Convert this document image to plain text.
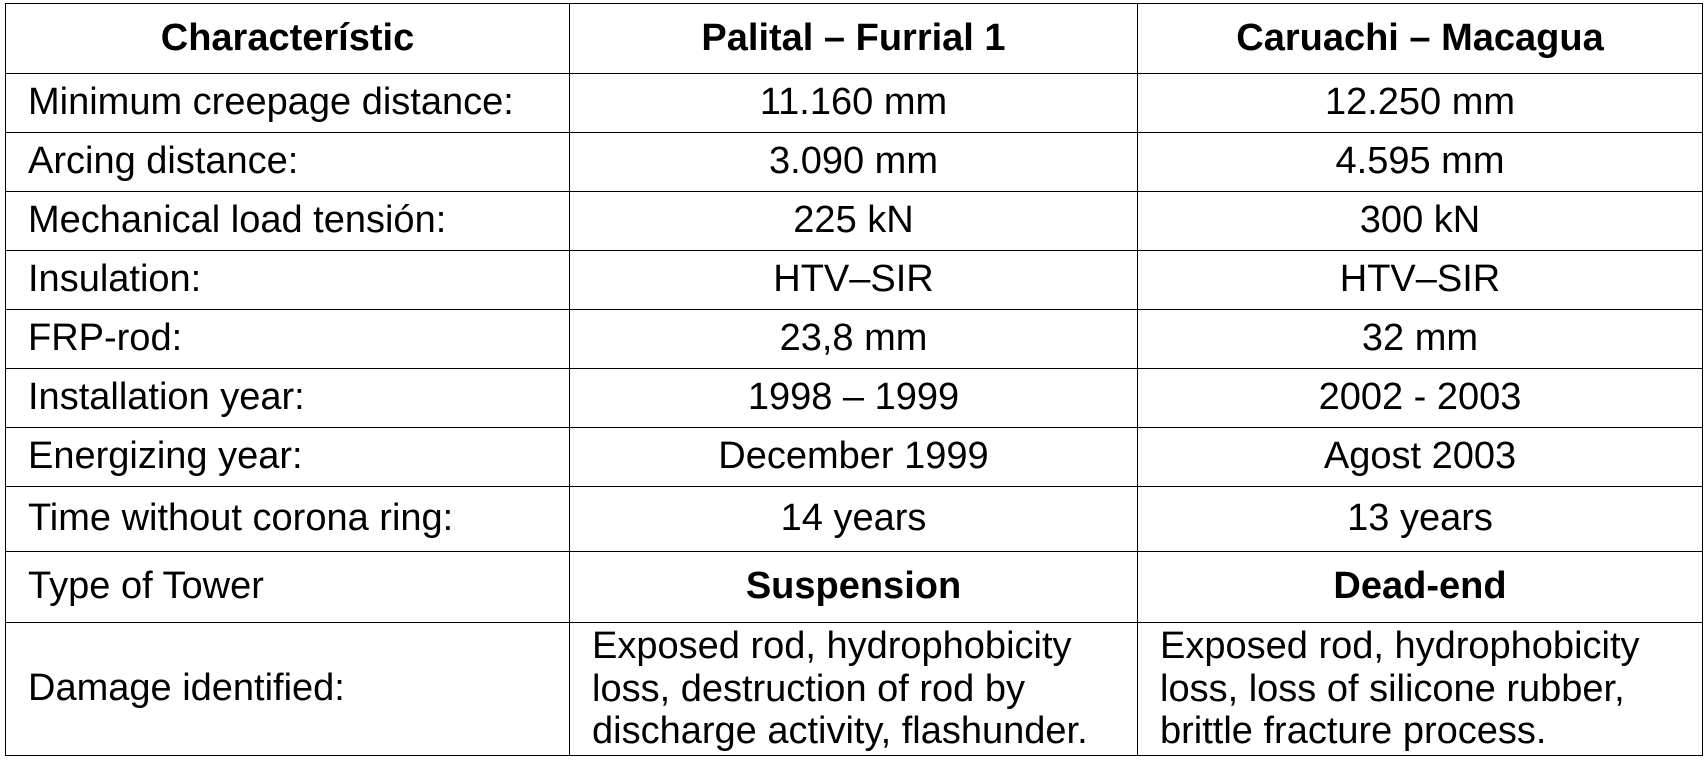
Characterístic	Palital – Furrial 1	Caruachi – Macagua
Minimum creepage distance:	11.160 mm	12.250 mm
Arcing distance:	3.090 mm	4.595 mm
Mechanical load tensión:	225 kN	300 kN
Insulation:	HTV–SIR	HTV–SIR
FRP-rod:	23,8 mm	32 mm
Installation year:	1998 – 1999	2002 - 2003
Energizing year:	December 1999	Agost 2003
Time without corona ring:	14 years	13 years
Type of Tower	Suspension	Dead-end
Damage identified:	Exposed rod, hydrophobicity loss, destruction of rod by discharge activity, flashunder.	Exposed rod, hydrophobicity loss, loss of silicone rubber, brittle fracture process.
